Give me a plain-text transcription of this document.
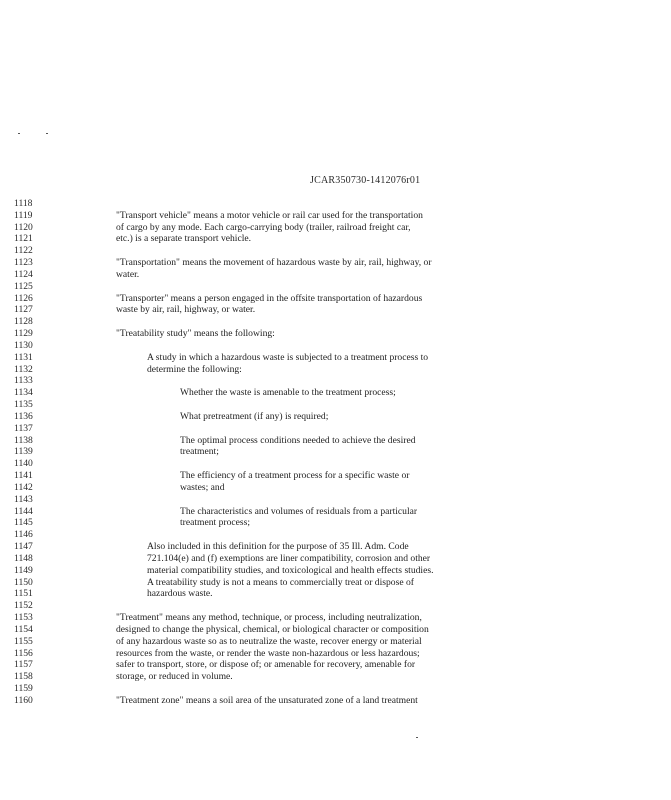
JCAR350730-1412076r01
1118
1119	"Transport vehicle" means a motor vehicle or rail car used for the transportation
1120	of cargo by any mode. Each cargo-carrying body (trailer, railroad freight car,
1121	etc.) is a separate transport vehicle.
1122
1123	"Transportation" means the movement of hazardous waste by air, rail, highway, or
1124	water.
1125
1126	"Transporter" means a person engaged in the offsite transportation of hazardous
1127	waste by air, rail, highway, or water.
1128
1129	"Treatability study" means the following:
1130
1131	A study in which a hazardous waste is subjected to a treatment process to
1132	determine the following:
1133
1134	Whether the waste is amenable to the treatment process;
1135
1136	What pretreatment (if any) is required;
1137
1138	The optimal process conditions needed to achieve the desired
1139	treatment;
1140
1141	The efficiency of a treatment process for a specific waste or
1142	wastes; and
1143
1144	The characteristics and volumes of residuals from a particular
1145	treatment process;
1146
1147	Also included in this definition for the purpose of 35 Ill. Adm. Code
1148	721.104(e) and (f) exemptions are liner compatibility, corrosion and other
1149	material compatibility studies, and toxicological and health effects studies.
1150	A treatability study is not a means to commercially treat or dispose of
1151	hazardous waste.
1152
1153	"Treatment" means any method, technique, or process, including neutralization,
1154	designed to change the physical, chemical, or biological character or composition
1155	of any hazardous waste so as to neutralize the waste, recover energy or material
1156	resources from the waste, or render the waste non-hazardous or less hazardous;
1157	safer to transport, store, or dispose of; or amenable for recovery, amenable for
1158	storage, or reduced in volume.
1159
1160	"Treatment zone" means a soil area of the unsaturated zone of a land treatment
